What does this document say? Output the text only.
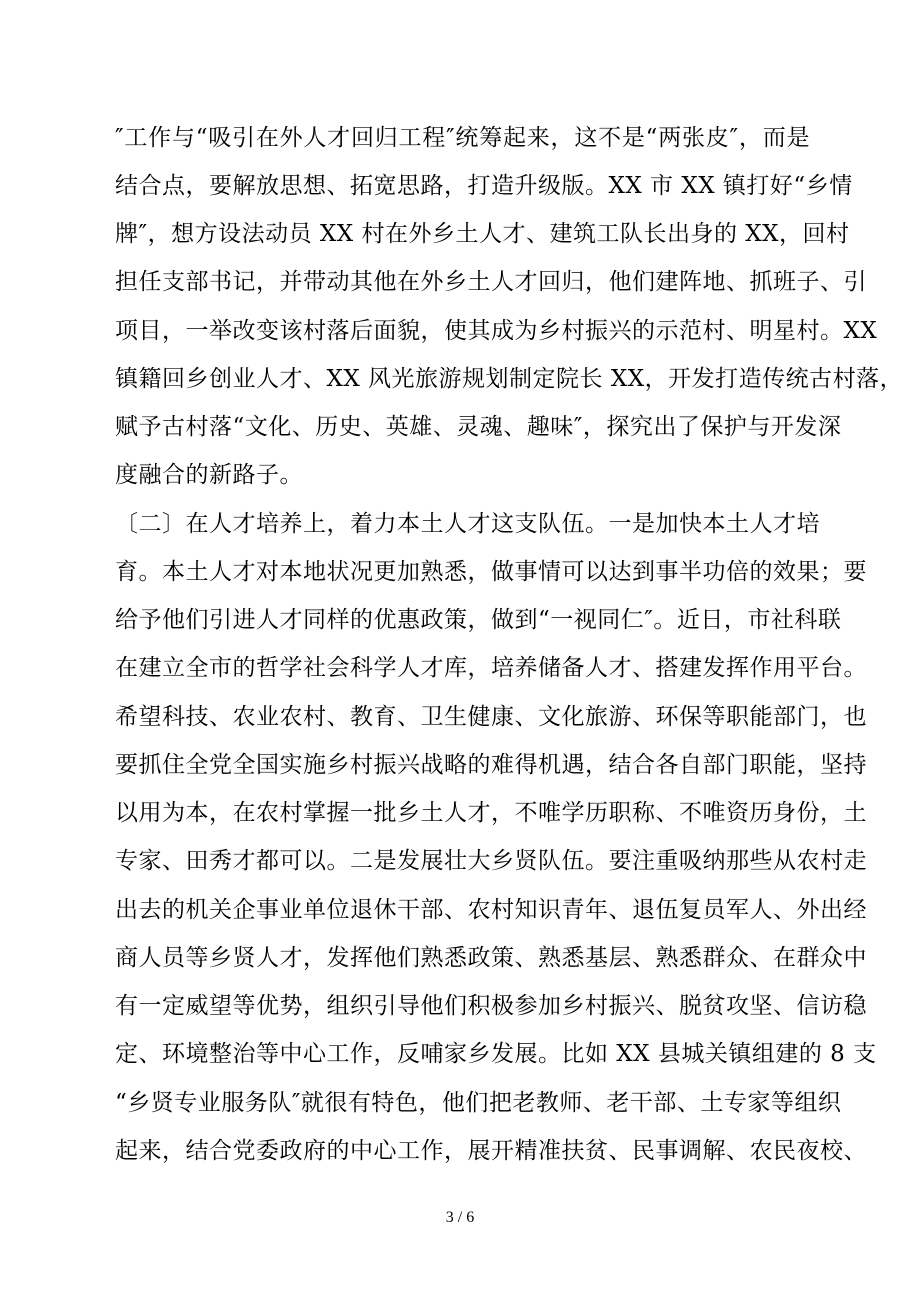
″工作与“吸引在外人才回归工程″统筹起来，这不是“两张皮″，而是
结合点，要解放思想、拓宽思路，打造升级版。XX 市 XX 镇打好“乡情
牌″，想方设法动员 XX 村在外乡土人才、建筑工队长出身的 XX，回村
担任支部书记，并带动其他在外乡土人才回归，他们建阵地、抓班子、引
项目，一举改变该村落后面貌，使其成为乡村振兴的示范村、明星村。XX
镇籍回乡创业人才、XX 风光旅游规划制定院长 XX，开发打造传统古村落，
赋予古村落“文化、历史、英雄、灵魂、趣味″，探究出了保护与开发深
度融合的新路子。
〔二〕在人才培养上，着力本土人才这支队伍。一是加快本土人才培
育。本土人才对本地状况更加熟悉，做事情可以达到事半功倍的效果；要
给予他们引进人才同样的优惠政策，做到“一视同仁″。近日，市社科联
在建立全市的哲学社会科学人才库，培养储备人才、搭建发挥作用平台。
希望科技、农业农村、教育、卫生健康、文化旅游、环保等职能部门，也
要抓住全党全国实施乡村振兴战略的难得机遇，结合各自部门职能，坚持
以用为本，在农村掌握一批乡土人才，不唯学历职称、不唯资历身份，土
专家、田秀才都可以。二是发展壮大乡贤队伍。要注重吸纳那些从农村走
出去的机关企事业单位退休干部、农村知识青年、退伍复员军人、外出经
商人员等乡贤人才，发挥他们熟悉政策、熟悉基层、熟悉群众、在群众中
有一定威望等优势，组织引导他们积极参加乡村振兴、脱贫攻坚、信访稳
定、环境整治等中心工作，反哺家乡发展。比如 XX 县城关镇组建的 8 支
“乡贤专业服务队″就很有特色，他们把老教师、老干部、土专家等组织
起来，结合党委政府的中心工作，展开精准扶贫、民事调解、农民夜校、
3 / 6
